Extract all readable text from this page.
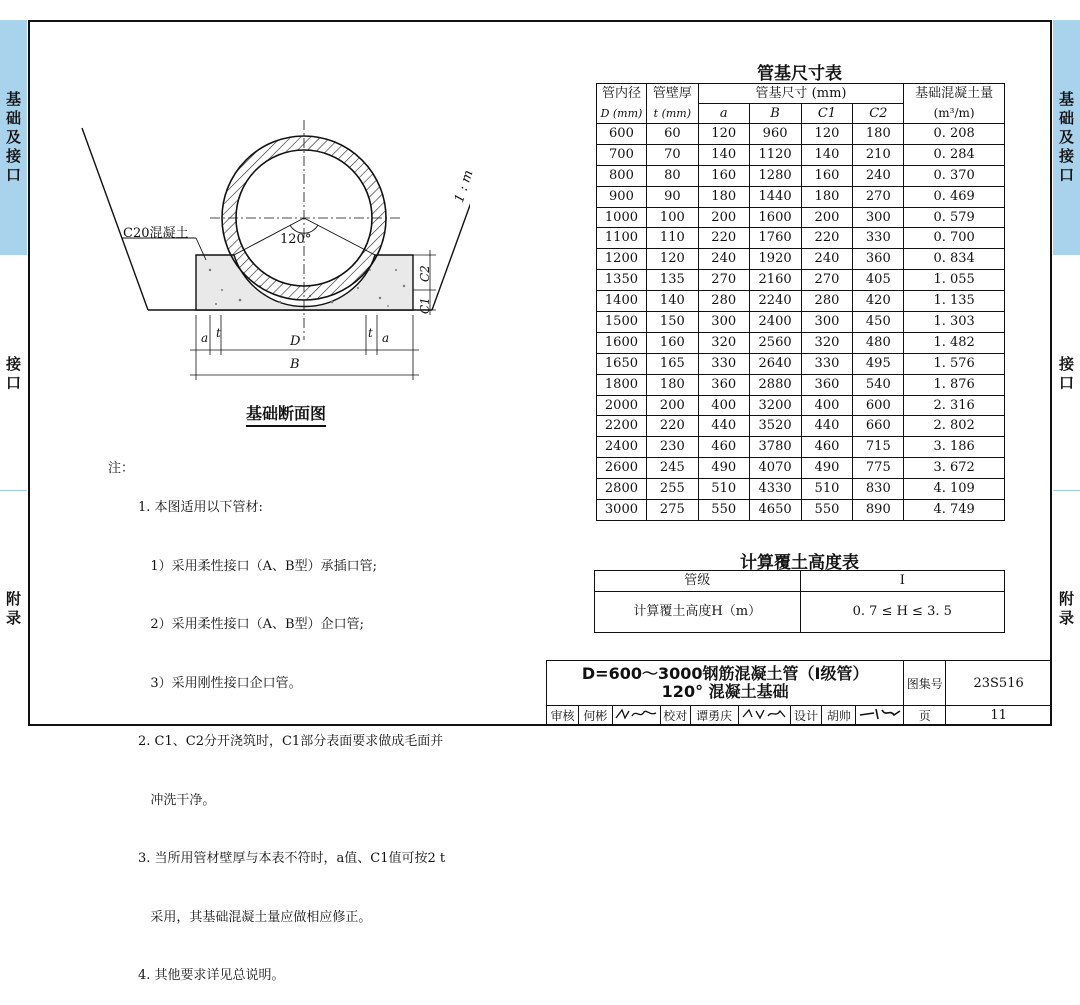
基
础
及
接
口
接
口
附
录
基
础
及
接
口
接
口
附
录
C20混凝土	120°
1 : m
C2
C1
a t	t a
D
B
基础断面图
注：

1. 本图适用以下管材:

1）采用柔性接口（A、B型）承插口管;

2）采用柔性接口（A、B型）企口管;

3）采用刚性接口企口管。

2. C1、C2分开浇筑时，C1部分表面要求做成毛面并

冲洗干净。

3. 当所用管材壁厚与本表不符时，a值、C1值可按2 t

采用，其基础混凝土量应做相应修正。

4. 其他要求详见总说明。

管基尺寸表
管内径	管壁厚	管基尺寸 (mm)				基础混凝土量
D (mm)	t (mm)	a	B	C1	C2	(m³/m)
600	60	120	960	120	180	0. 208
700	70	140	1120	140	210	0. 284
800	80	160	1280	160	240	0. 370
900	90	180	1440	180	270	0. 469
1000	100	200	1600	200	300	0. 579
1100	110	220	1760	220	330	0. 700
1200	120	240	1920	240	360	0. 834
1350	135	270	2160	270	405	1. 055
1400	140	280	2240	280	420	1. 135
1500	150	300	2400	300	450	1. 303
1600	160	320	2560	320	480	1. 482
1650	165	330	2640	330	495	1. 576
1800	180	360	2880	360	540	1. 876
2000	200	400	3200	400	600	2. 316
2200	220	440	3520	440	660	2. 802
2400	230	460	3780	460	715	3. 186
2600	245	490	4070	490	775	3. 672
2800	255	510	4330	510	830	4. 109
3000	275	550	4650	550	890	4. 749
计算覆土高度表
管级	I
计算覆土高度H（m）	0. 7 ≤ H ≤ 3. 5
D=600～3000钢筋混凝土管（I级管）
120° 混凝土基础									图集号	23S516
审核	何彬		校对	谭勇庆		设计	胡帅		页	11
